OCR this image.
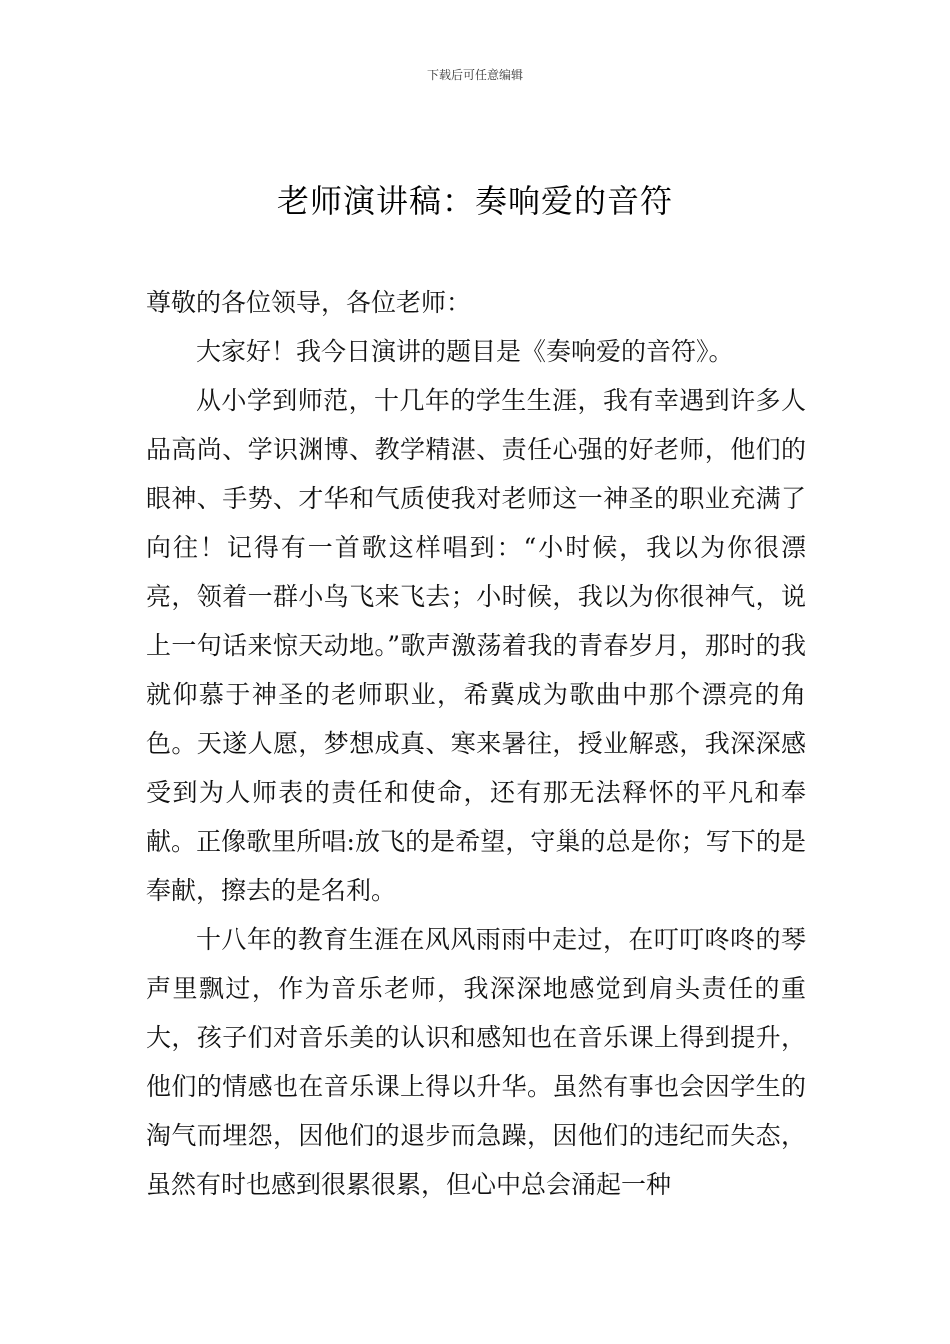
下载后可任意编辑
老师演讲稿：奏响爱的音符

尊敬的各位领导，各位老师：

大家好！我今日演讲的题目是《奏响爱的音符》。

从小学到师范，十几年的学生生涯，我有幸遇到许多人品高尚、学识渊博、教学精湛、责任心强的好老师，他们的眼神、手势、才华和气质使我对老师这一神圣的职业充满了向往！记得有一首歌这样唱到：“小时候，我以为你很漂亮，领着一群小鸟飞来飞去；小时候，我以为你很神气，说上一句话来惊天动地。”歌声激荡着我的青春岁月，那时的我就仰慕于神圣的老师职业，希冀成为歌曲中那个漂亮的角色。天遂人愿，梦想成真、寒来暑往，授业解惑，我深深感受到为人师表的责任和使命，还有那无法释怀的平凡和奉献。正像歌里所唱:放飞的是希望，守巢的总是你；写下的是奉献，擦去的是名利。

十八年的教育生涯在风风雨雨中走过，在叮叮咚咚的琴声里飘过，作为音乐老师，我深深地感觉到肩头责任的重大，孩子们对音乐美的认识和感知也在音乐课上得到提升，他们的情感也在音乐课上得以升华。虽然有事也会因学生的淘气而埋怨，因他们的退步而急躁，因他们的违纪而失态，虽然有时也感到很累很累，但心中总会涌起一种
